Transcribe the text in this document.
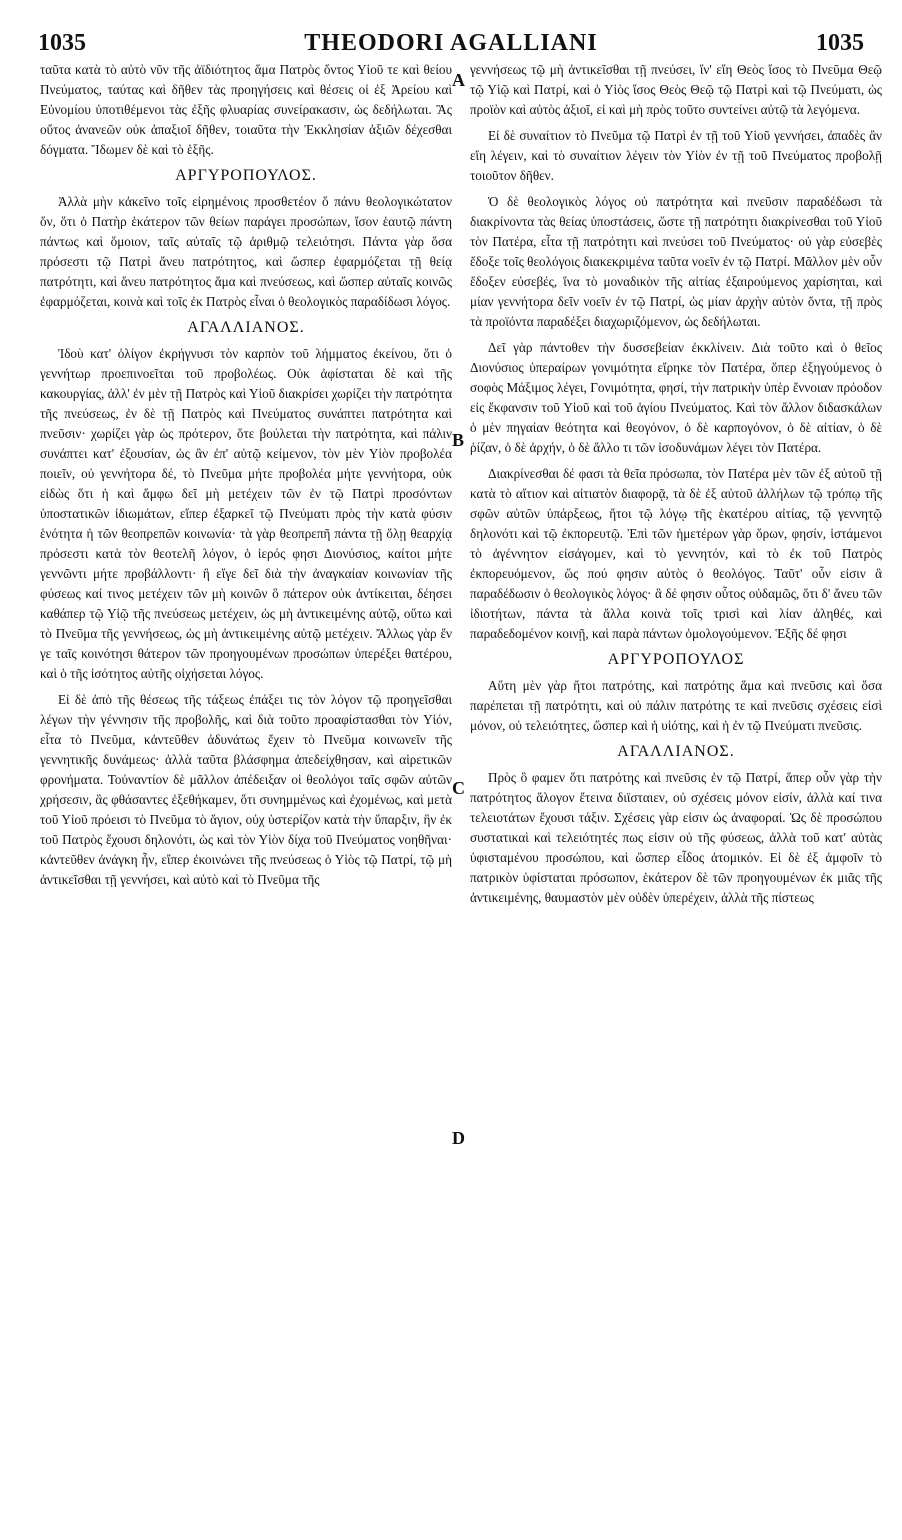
1035	THEODORI AGALLIANI	1035

ταῦτα κατὰ τὸ αὐτὸ νῦν τῆς ἀϊδιότητος ἅμα Πατρὸς ὄντος Υἱοῦ τε καὶ θείου Πνεύματος, ταύτας καὶ δῆθεν τὰς προηγήσεις καὶ θέσεις οἱ ἐξ Ἀρείου καὶ Εὐνομίου ὑποτιθέμενοι τὰς ἐξῆς φλυαρίας συνείρακασιν, ὡς δεδήλωται. Ἃς οὔτος ἀνανεῶν οὐκ ἀπαξιοῖ δῆθεν, τοιαῦτα τὴν Ἐκκλησίαν ἀξιῶν δέχεσθαι δόγματα. Ἴδωμεν δὲ καὶ τὸ ἑξῆς.

ΑΡΓΥΡΟΠΟΥΛΟΣ.

Ἀλλὰ μὴν κἀκεῖνο τοῖς εἰρημένοις προσθετέον ὅ πάνυ θεολογικώτατον ὄν, ὅτι ὁ Πατὴρ ἑκάτερον τῶν θείων παράγει προσώπων, ἴσον ἑαυτῷ πάντη πάντως καὶ ὅμοιον, ταῖς αὐταῖς τῷ ἀριθμῷ τελειότησι. Πάντα γὰρ ὅσα πρόσεστι τῷ Πατρὶ ἄνευ πατρότητος, καὶ ὥσπερ ἐφαρμόζεται τῇ θείᾳ πατρότητι, καὶ ἄνευ πατρότητος ἅμα καὶ πνεύσεως, καὶ ὥσπερ αὐταῖς κοινῶς ἐφαρμόζεται, κοινὰ καὶ τοῖς ἐκ Πατρὸς εἶναι ὁ θεολογικὸς παραδίδωσι λόγος.

ΑΓΑΛΛΙΑΝΟΣ.

Ἰδοὺ κατ' ὀλίγον ἐκρήγνυσι τὸν καρπὸν τοῦ λήμματος ἐκείνου, ὅτι ὁ γεννήτωρ προεπινοεῖται τοῦ προβολέως. Οὐκ ἀφίσταται δὲ καὶ τῆς κακουργίας, ἀλλ' ἐν μὲν τῇ Πατρὸς καὶ Υἱοῦ διακρίσει χωρίζει τὴν πατρότητα τῆς πνεύσεως, ἐν δὲ τῇ Πατρὸς καὶ Πνεύματος συνάπτει πατρότητα καὶ πνεῦσιν· χωρίζει γὰρ ὡς πρότερον, ὅτε βούλεται τὴν πατρότητα, καὶ πάλιν συνάπτει κατ' ἐξουσίαν, ὡς ἂν ἐπ' αὐτῷ κείμενον, τὸν μὲν Υἱὸν προβολέα ποιεῖν, οὐ γεννήτορα δέ, τὸ Πνεῦμα μήτε προβολέα μήτε γεννήτορα, οὐκ εἰδὼς ὅτι ἡ καὶ ἄμφω δεῖ μὴ μετέχειν τῶν ἐν τῷ Πατρὶ προσόντων ὑποστατικῶν ἰδιωμάτων, εἴπερ ἐξαρκεῖ τῷ Πνεύματι πρὸς τὴν κατὰ φύσιν ἑνότητα ἡ τῶν θεοπρεπῶν κοινωνία· τὰ γὰρ θεοπρεπῆ πάντα τῇ ὅλῃ θεαρχίᾳ πρόσεστι κατὰ τὸν θεοτελῆ λόγον, ὁ ἱερός φησι Διονύσιος, καίτοι μήτε γεννῶντι μήτε προβάλλοντι· ἢ εἴγε δεῖ διὰ τὴν ἀναγκαίαν κοινωνίαν τῆς φύσεως καί τινος μετέχειν τῶν μὴ κοινῶν ὃ πάτερον οὐκ ἀντίκειται, δέησει καθάπερ τῷ Υἱῷ τῆς πνεύσεως μετέχειν, ὡς μὴ ἀντικειμένης αὐτῷ, οὕτω καὶ τὸ Πνεῦμα τῆς γεννήσεως, ὡς μὴ ἀντικειμένης αὐτῷ μετέχειν. Ἄλλως γὰρ ἔν γε ταῖς κοινότησι θάτερον τῶν προηγουμένων προσώπων ὑπερέξει θατέρου, καὶ ὁ τῆς ἰσότητος αὐτῆς οἰχήσεται λόγος.

Εἰ δὲ ἀπὸ τῆς θέσεως τῆς τάξεως ἐπάξει τις τὸν λόγον τῷ προηγεῖσθαι λέγων τὴν γέννησιν τῆς προβολῆς, καὶ διὰ τοῦτο προαφίστασθαι τὸν Υἱόν, εἶτα τὸ Πνεῦμα, κἀντεῦθεν ἀδυνάτως ἔχειν τὸ Πνεῦμα κοινωνεῖν τῆς γεννητικῆς δυνάμεως· ἀλλὰ ταῦτα βλάσφημα ἀπεδείχθησαν, καὶ αἱρετικῶν φρονήματα. Τοὐναντίον δὲ μᾶλλον ἀπέδειξαν οἱ θεολόγοι ταῖς σφῶν αὐτῶν χρήσεσιν, ἃς φθάσαντες ἐξεθήκαμεν, ὅτι συνημμένως καὶ ἐχομένως, καὶ μετὰ τοῦ Υἱοῦ πρόεισι τὸ Πνεῦμα τὸ ἅγιον, οὐχ ὑστερίζον κατὰ τὴν ὕπαρξιν, ἣν ἐκ τοῦ Πατρὸς ἔχουσι δηλονότι, ὡς καὶ τὸν Υἱὸν δίχα τοῦ Πνεύματος νοηθῆναι· κἀντεῦθεν ἀνάγκη ἦν, εἴπερ ἐκοινώνει τῆς πνεύσεως ὁ Υἱὸς τῷ Πατρί, τῷ μὴ ἀντικεῖσθαι τῇ γεννήσει, καὶ αὐτὸ καὶ τὸ Πνεῦμα τῆς

A
B
C
D

γεννήσεως τῷ μὴ ἀντικεῖσθαι τῇ πνεύσει, ἵν' εἴη Θεὸς ἴσος τὸ Πνεῦμα Θεῷ τῷ Υἱῷ καὶ Πατρί, καὶ ὁ Υἱὸς ἴσος Θεὸς Θεῷ τῷ Πατρὶ καὶ τῷ Πνεύματι, ὡς προϊὸν καὶ αὐτὸς ἀξιοῖ, εἰ καὶ μὴ πρὸς τοῦτο συντείνει αὐτῷ τὰ λεγόμενα.

Εἰ δὲ συναίτιον τὸ Πνεῦμα τῷ Πατρὶ ἐν τῇ τοῦ Υἱοῦ γεννήσει, ἀπαδὲς ἂν εἴη λέγειν, καὶ τὸ συναίτιον λέγειν τὸν Υἱὸν ἐν τῇ τοῦ Πνεύματος προβολῇ τοιοῦτον δῆθεν.

Ὁ δὲ θεολογικὸς λόγος οὐ πατρότητα καὶ πνεῦσιν παραδέδωσι τὰ διακρίνοντα τὰς θείας ὑποστάσεις, ὥστε τῇ πατρότητι διακρίνεσθαι τοῦ Υἱοῦ τὸν Πατέρα, εἶτα τῇ πατρότητι καὶ πνεύσει τοῦ Πνεύματος· οὐ γὰρ εὐσεβὲς ἔδοξε τοῖς θεολόγοις διακεκριμένα ταῦτα νοεῖν ἐν τῷ Πατρί. Μᾶλλον μὲν οὖν ἔδοξεν εὐσεβές, ἵνα τὸ μοναδικὸν τῆς αἰτίας ἐξαιρούμενος χαρίσηται, καὶ μίαν γεννήτορα δεῖν νοεῖν ἐν τῷ Πατρί, ὡς μίαν ἀρχὴν αὐτὸν ὄντα, τῇ πρὸς τὰ προϊόντα παραδέξει διαχωριζόμενον, ὡς δεδήλωται.

Δεῖ γὰρ πάντοθεν τὴν δυσσεβείαν ἐκκλίνειν. Διὰ τοῦτο καὶ ὁ θεῖος Διονύσιος ὑπεραίρων γονιμότητα εἴρηκε τὸν Πατέρα, ὅπερ ἐξηγούμενος ὁ σοφὸς Μάξιμος λέγει, Γονιμότητα, φησί, τὴν πατρικὴν ὑπὲρ ἔννοιαν πρόοδον εἰς ἔκφανσιν τοῦ Υἱοῦ καὶ τοῦ ἁγίου Πνεύματος. Καὶ τὸν ἄλλον διδασκάλων ὁ μὲν πηγαίαν θεότητα καὶ θεογόνον, ὁ δὲ καρπογόνον, ὁ δὲ αἰτίαν, ὁ δὲ ῥίζαν, ὁ δὲ ἀρχήν, ὁ δὲ ἄλλο τι τῶν ἰσοδυνάμων λέγει τὸν Πατέρα.

Διακρίνεσθαι δέ φασι τὰ θεῖα πρόσωπα, τὸν Πατέρα μὲν τῶν ἐξ αὐτοῦ τῇ κατὰ τὸ αἴτιον καὶ αἰτιατὸν διαφορᾷ, τὰ δὲ ἐξ αὐτοῦ ἀλλήλων τῷ τρόπῳ τῆς σφῶν αὐτῶν ὑπάρξεως, ἤτοι τῷ λόγῳ τῆς ἑκατέρου αἰτίας, τῷ γεννητῷ δηλονότι καὶ τῷ ἐκπορευτῷ. Ἐπὶ τῶν ἡμετέρων γὰρ ὅρων, φησίν, ἱστάμενοι τὸ ἀγέννητον εἰσάγομεν, καὶ τὸ γεννητόν, καὶ τὸ ἐκ τοῦ Πατρὸς ἐκπορευόμενον, ὥς πού φησιν αὐτὸς ὁ θεολόγος. Ταῦτ' οὖν εἰσιν ἃ παραδέδωσιν ὁ θεολογικὸς λόγος· ἃ δέ φησιν οὗτος οὐδαμῶς, ὅτι δ' ἄνευ τῶν ἰδιοτήτων, πάντα τὰ ἄλλα κοινὰ τοῖς τρισὶ καὶ λίαν ἀληθές, καὶ παραδεδομένον κοινῇ, καὶ παρὰ πάντων ὁμολογούμενον. Ἑξῆς δέ φησι

ΑΡΓΥΡΟΠΟΥΛΟΣ

Αὕτη μὲν γὰρ ἤτοι πατρότης, καὶ πατρότης ἅμα καὶ πνεῦσις καὶ ὅσα παρέπεται τῇ πατρότητι, καὶ οὐ πάλιν πατρότης τε καὶ πνεῦσις σχέσεις εἰσὶ μόνον, οὐ τελειότητες, ὥσπερ καὶ ἡ υἱότης, καὶ ἡ ἐν τῷ Πνεύματι πνεῦσις.

ΑΓΑΛΛΙΑΝΟΣ.

Πρὸς ὃ φαμεν ὅτι πατρότης καὶ πνεῦσις ἐν τῷ Πατρί, ἅπερ οὖν γὰρ τὴν πατρότητος ἄλογον ἔτεινα διϊσταιεν, οὐ σχέσεις μόνον εἰσίν, ἀλλὰ καί τινα τελειοτάτων ἔχουσι τάξιν. Σχέσεις γὰρ εἰσιν ὡς ἀναφοραί. Ὡς δὲ προσώπου συστατικαὶ καὶ τελειότητές πως εἰσιν οὐ τῆς φύσεως, ἀλλὰ τοῦ κατ' αὐτὰς ὑφισταμένου προσώπου, καὶ ὥσπερ εἶδος ἀτομικόν. Εἰ δὲ ἐξ ἀμφοῖν τὸ πατρικὸν ὑφίσταται πρόσωπον, ἑκάτερον δὲ τῶν προηγουμένων ἐκ μιᾶς τῆς ἀντικειμένης, θαυμαστὸν μὲν οὐδὲν ὑπερέχειν, ἀλλὰ τῆς πίστεως
